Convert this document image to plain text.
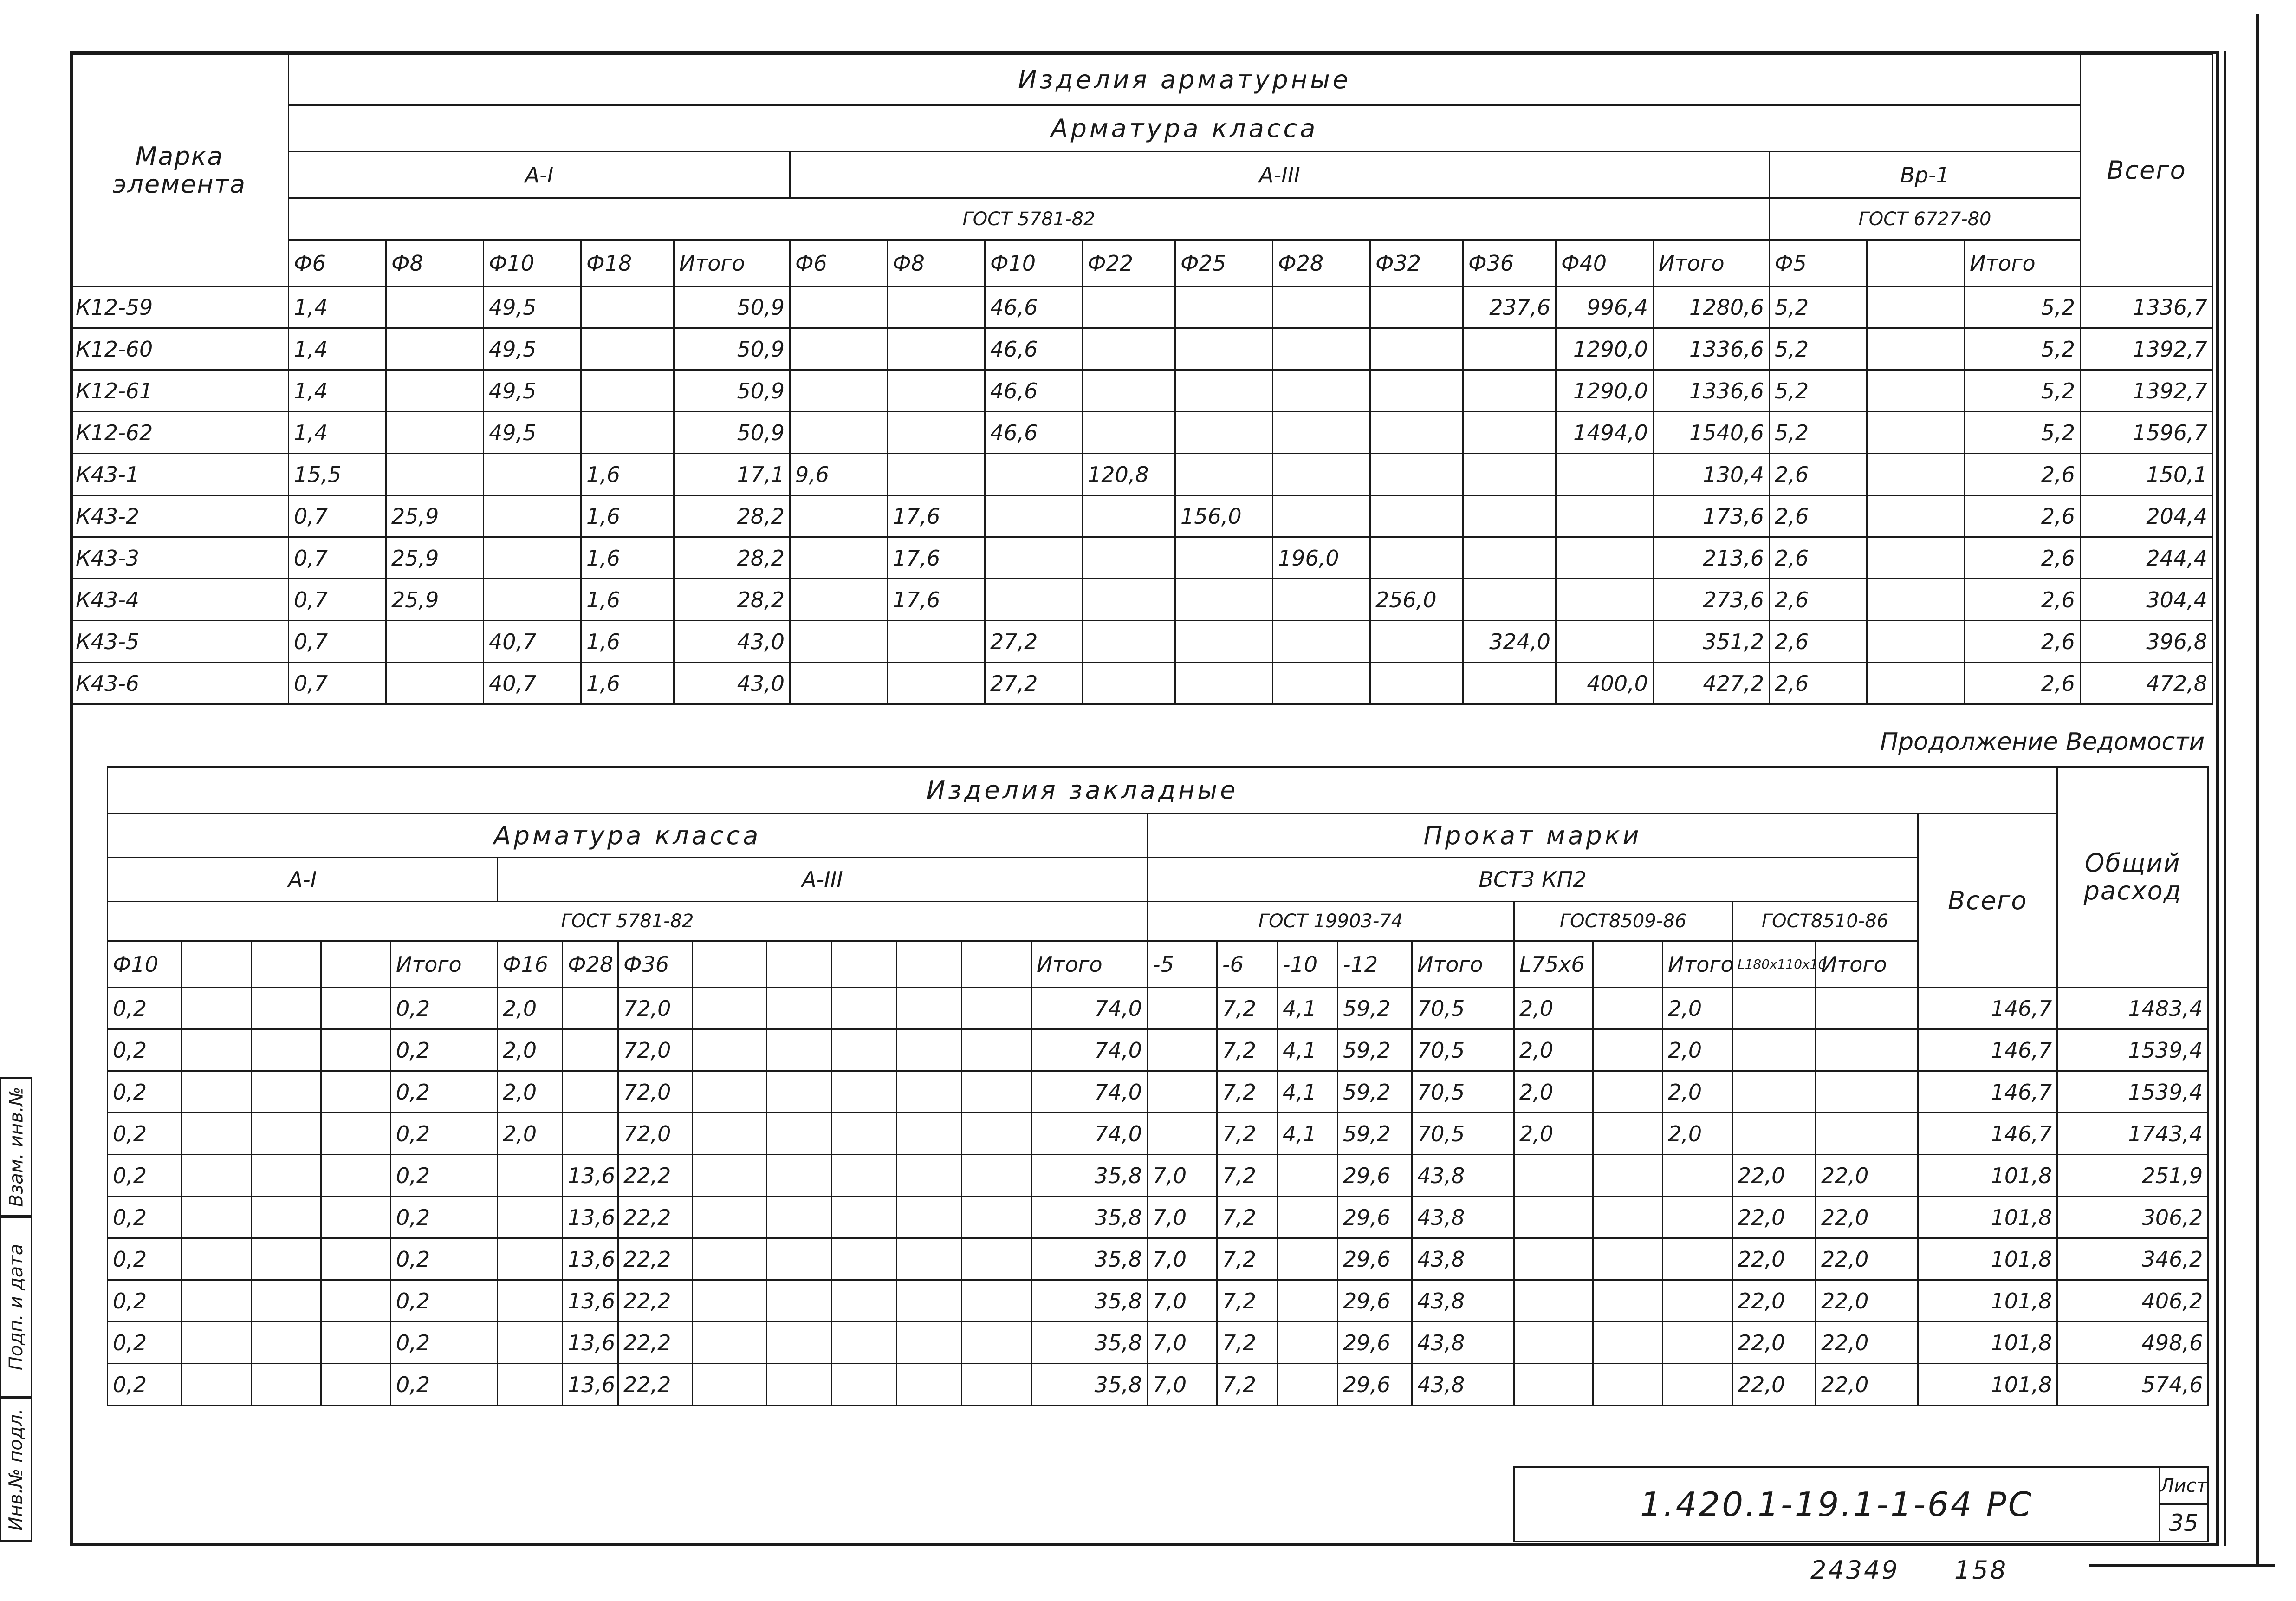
Взам. инв.№
Подп. и дата
Инв.№ подл.
Марка элемента	Изделия арматурные																		Всего
	Арматура класса																		
	А-I					А-III										Вр-1			
	ГОСТ 5781-82															ГОСТ 6727-80			
	Ф6	Ф8	Ф10	Ф18	Итого	Ф6	Ф8	Ф10	Ф22	Ф25	Ф28	Ф32	Ф36	Ф40	Итого	Ф5		Итого	
К12-59	1,4		49,5		50,9			46,6					237,6	996,4	1280,6	5,2		5,2	1336,7
К12-60	1,4		49,5		50,9			46,6						1290,0	1336,6	5,2		5,2	1392,7
К12-61	1,4		49,5		50,9			46,6						1290,0	1336,6	5,2		5,2	1392,7
К12-62	1,4		49,5		50,9			46,6						1494,0	1540,6	5,2		5,2	1596,7
К43-1	15,5			1,6	17,1	9,6			120,8						130,4	2,6		2,6	150,1
К43-2	0,7	25,9		1,6	28,2		17,6			156,0					173,6	2,6		2,6	204,4
К43-3	0,7	25,9		1,6	28,2		17,6				196,0				213,6	2,6		2,6	244,4
К43-4	0,7	25,9		1,6	28,2		17,6					256,0			273,6	2,6		2,6	304,4
К43-5	0,7		40,7	1,6	43,0			27,2					324,0		351,2	2,6		2,6	396,8
К43-6	0,7		40,7	1,6	43,0			27,2						400,0	427,2	2,6		2,6	472,8
Продолжение Ведомости
Изделия закладные																									Общий расход
Арматура класса														Прокат марки										Всего	
А-I					А-III									ВСТ3 КП2											
ГОСТ 5781-82														ГОСТ 19903-74					ГОСТ8509-86			ГОСТ8510-86			
Ф10				Итого	Ф16	Ф28	Ф36						Итого	-5	-6	-10	-12	Итого	L75х6		Итого	L180х110х10	Итого		
0,2				0,2	2,0		72,0						74,0		7,2	4,1	59,2	70,5	2,0		2,0			146,7	1483,4
0,2				0,2	2,0		72,0						74,0		7,2	4,1	59,2	70,5	2,0		2,0			146,7	1539,4
0,2				0,2	2,0		72,0						74,0		7,2	4,1	59,2	70,5	2,0		2,0			146,7	1539,4
0,2				0,2	2,0		72,0						74,0		7,2	4,1	59,2	70,5	2,0		2,0			146,7	1743,4
0,2				0,2		13,6	22,2						35,8	7,0	7,2		29,6	43,8				22,0	22,0	101,8	251,9
0,2				0,2		13,6	22,2						35,8	7,0	7,2		29,6	43,8				22,0	22,0	101,8	306,2
0,2				0,2		13,6	22,2						35,8	7,0	7,2		29,6	43,8				22,0	22,0	101,8	346,2
0,2				0,2		13,6	22,2						35,8	7,0	7,2		29,6	43,8				22,0	22,0	101,8	406,2
0,2				0,2		13,6	22,2						35,8	7,0	7,2		29,6	43,8				22,0	22,0	101,8	498,6
0,2				0,2		13,6	22,2						35,8	7,0	7,2		29,6	43,8				22,0	22,0	101,8	574,6
1.420.1-19.1-1-64 РС	Лист
35
24349 158
